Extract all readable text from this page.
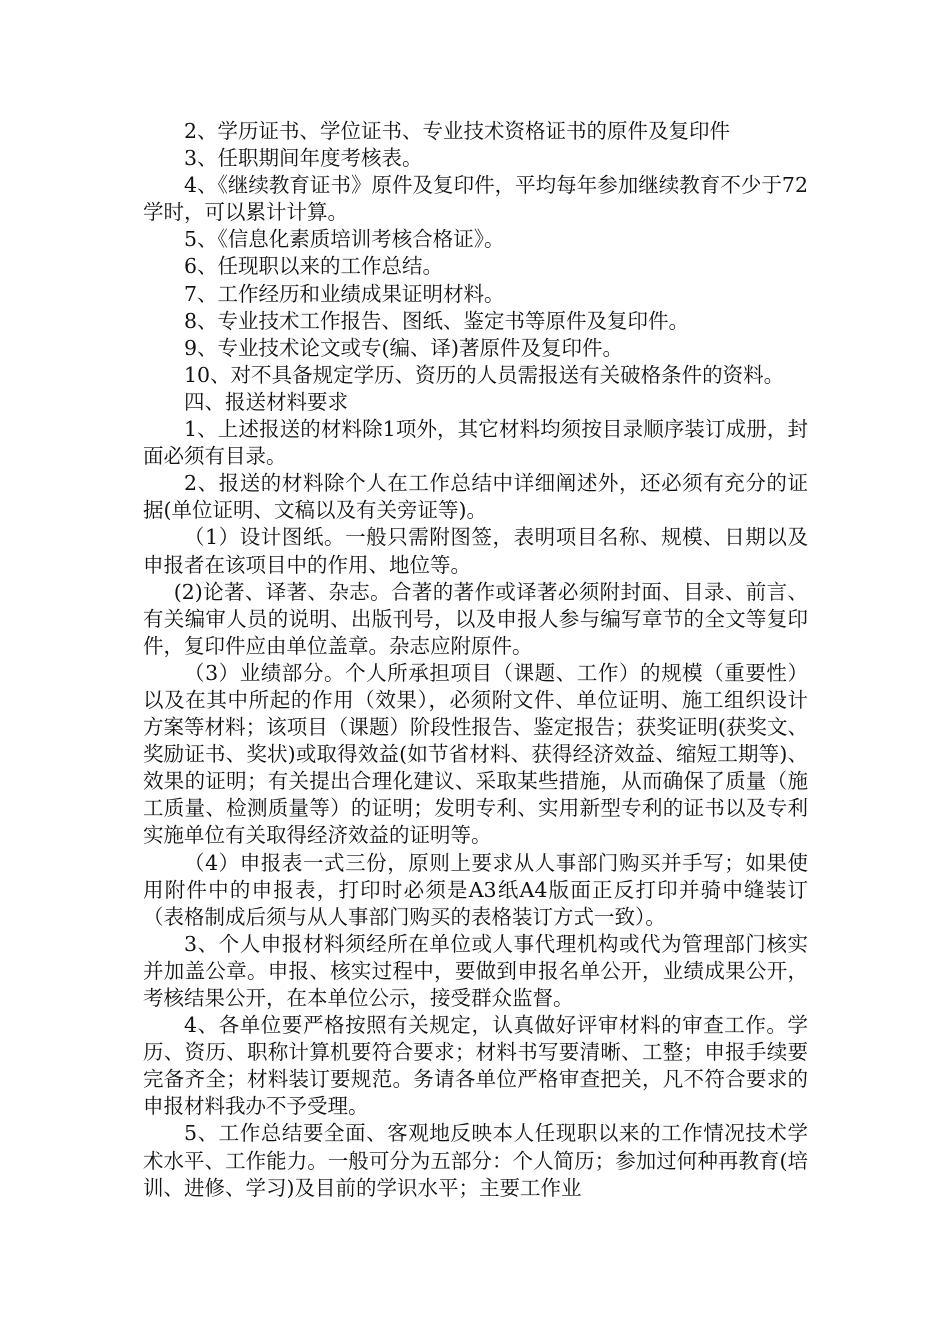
2、学历证书、学位证书、专业技术资格证书的原件及复印件

3、任职期间年度考核表。

4、《继续教育证书》原件及复印件，平均每年参加继续教育不少于72学时，可以累计计算。

5、《信息化素质培训考核合格证》。

6、任现职以来的工作总结。

7、工作经历和业绩成果证明材料。

8、专业技术工作报告、图纸、鉴定书等原件及复印件。

9、专业技术论文或专(编、译)著原件及复印件。

10、对不具备规定学历、资历的人员需报送有关破格条件的资料。

四、报送材料要求

1、上述报送的材料除1项外，其它材料均须按目录顺序装订成册，封面必须有目录。

2、报送的材料除个人在工作总结中详细阐述外，还必须有充分的证据(单位证明、文稿以及有关旁证等)。

（1）设计图纸。一般只需附图签，表明项目名称、规模、日期以及申报者在该项目中的作用、地位等。

(2)论著、译著、杂志。合著的著作或译著必须附封面、目录、前言、有关编审人员的说明、出版刊号，以及申报人参与编写章节的全文等复印件，复印件应由单位盖章。杂志应附原件。

（3）业绩部分。个人所承担项目（课题、工作）的规模（重要性）以及在其中所起的作用（效果），必须附文件、单位证明、施工组织设计方案等材料；该项目（课题）阶段性报告、鉴定报告；获奖证明(获奖文、奖励证书、奖状)或取得效益(如节省材料、获得经济效益、缩短工期等)、效果的证明；有关提出合理化建议、采取某些措施，从而确保了质量（施工质量、检测质量等）的证明；发明专利、实用新型专利的证书以及专利实施单位有关取得经济效益的证明等。

（4）申报表一式三份，原则上要求从人事部门购买并手写；如果使用附件中的申报表，打印时必须是A3纸A4版面正反打印并骑中缝装订（表格制成后须与从人事部门购买的表格装订方式一致）。

3、个人申报材料须经所在单位或人事代理机构或代为管理部门核实并加盖公章。申报、核实过程中，要做到申报名单公开，业绩成果公开，考核结果公开，在本单位公示，接受群众监督。

4、各单位要严格按照有关规定，认真做好评审材料的审查工作。学历、资历、职称计算机要符合要求；材料书写要清晰、工整；申报手续要完备齐全；材料装订要规范。务请各单位严格审查把关，凡不符合要求的申报材料我办不予受理。

5、工作总结要全面、客观地反映本人任现职以来的工作情况技术学术水平、工作能力。一般可分为五部分：个人简历；参加过何种再教育(培训、进修、学习)及目前的学识水平；主要工作业
